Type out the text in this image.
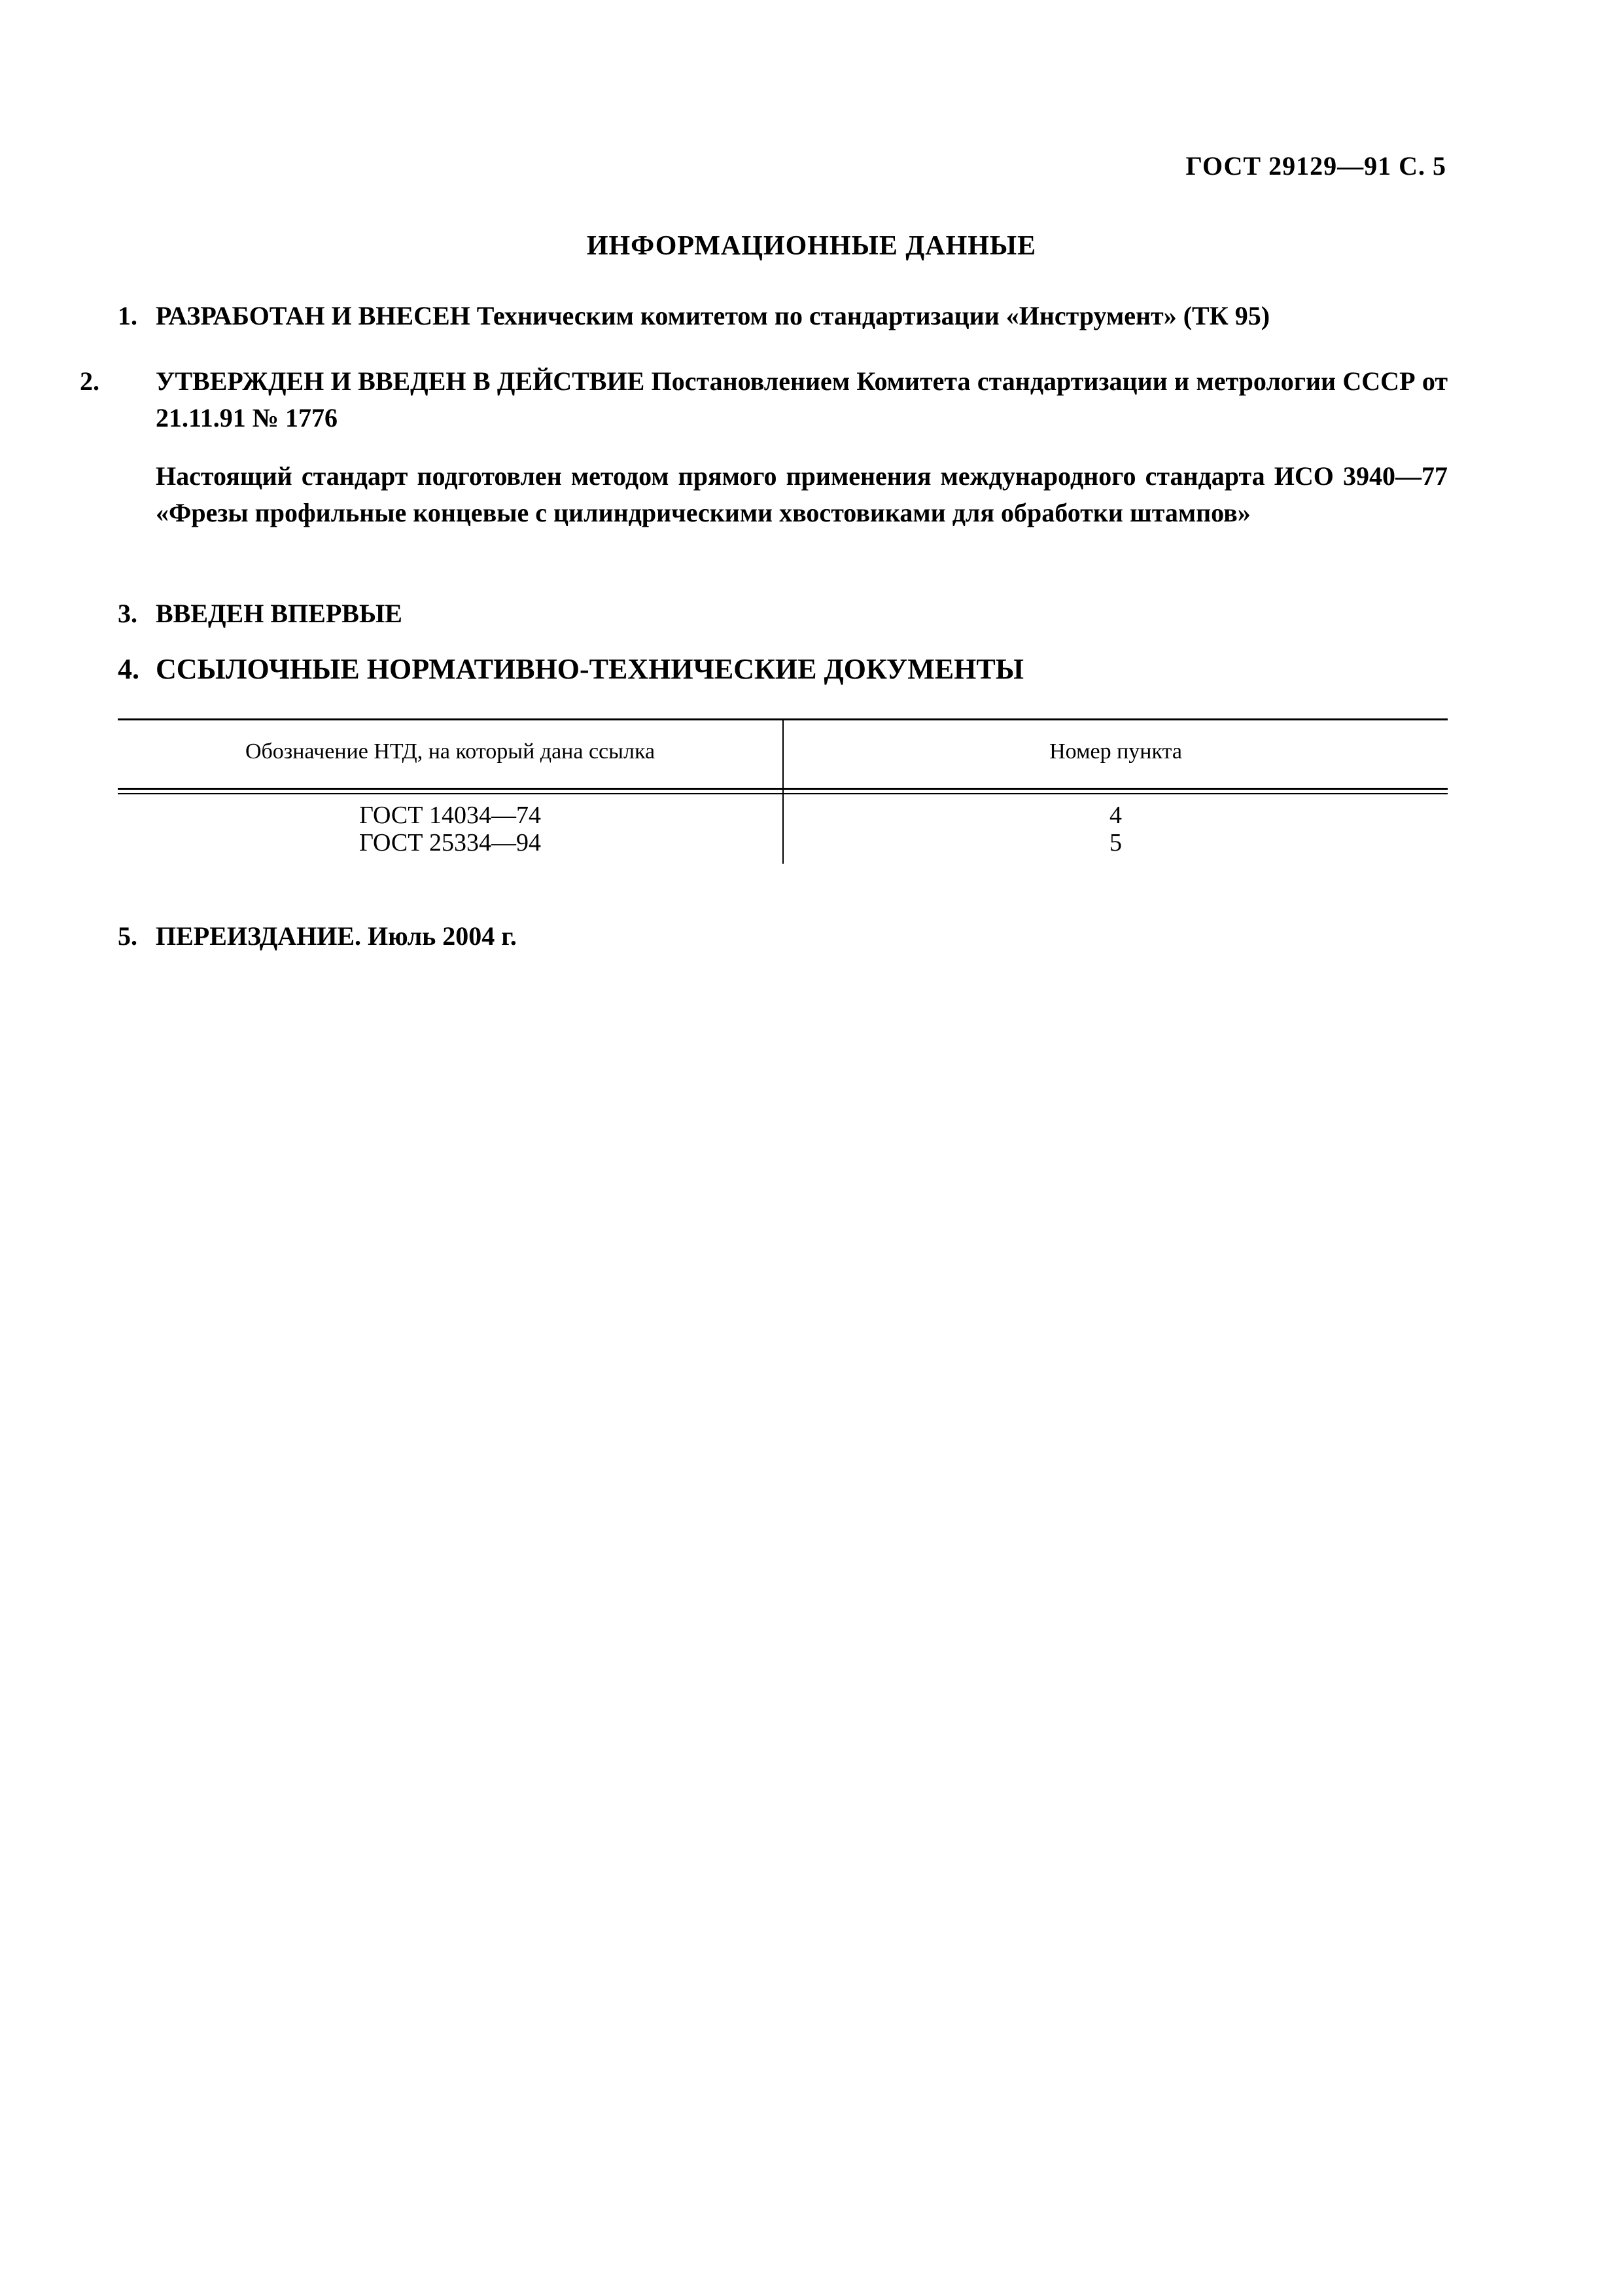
ГОСТ 29129—91 С. 5
ИНФОРМАЦИОННЫЕ ДАННЫЕ
1. РАЗРАБОТАН И ВНЕСЕН Техническим комитетом по стандартизации «Инструмент» (ТК 95)
2. УТВЕРЖДЕН И ВВЕДЕН В ДЕЙСТВИЕ Постановлением Комитета стандартизации и метрологии СССР от 21.11.91 № 1776
Настоящий стандарт подготовлен методом прямого применения международного стандарта ИСО 3940—77 «Фрезы профильные концевые с цилиндрическими хвостовиками для обработки штампов»
3. ВВЕДЕН ВПЕРВЫЕ
4. ССЫЛОЧНЫЕ НОРМАТИВНО-ТЕХНИЧЕСКИЕ ДОКУМЕНТЫ
Обозначение НТД, на который дана ссылка	Номер пункта
ГОСТ 14034—74	4
ГОСТ 25334—94	5
5. ПЕРЕИЗДАНИЕ. Июль 2004 г.
